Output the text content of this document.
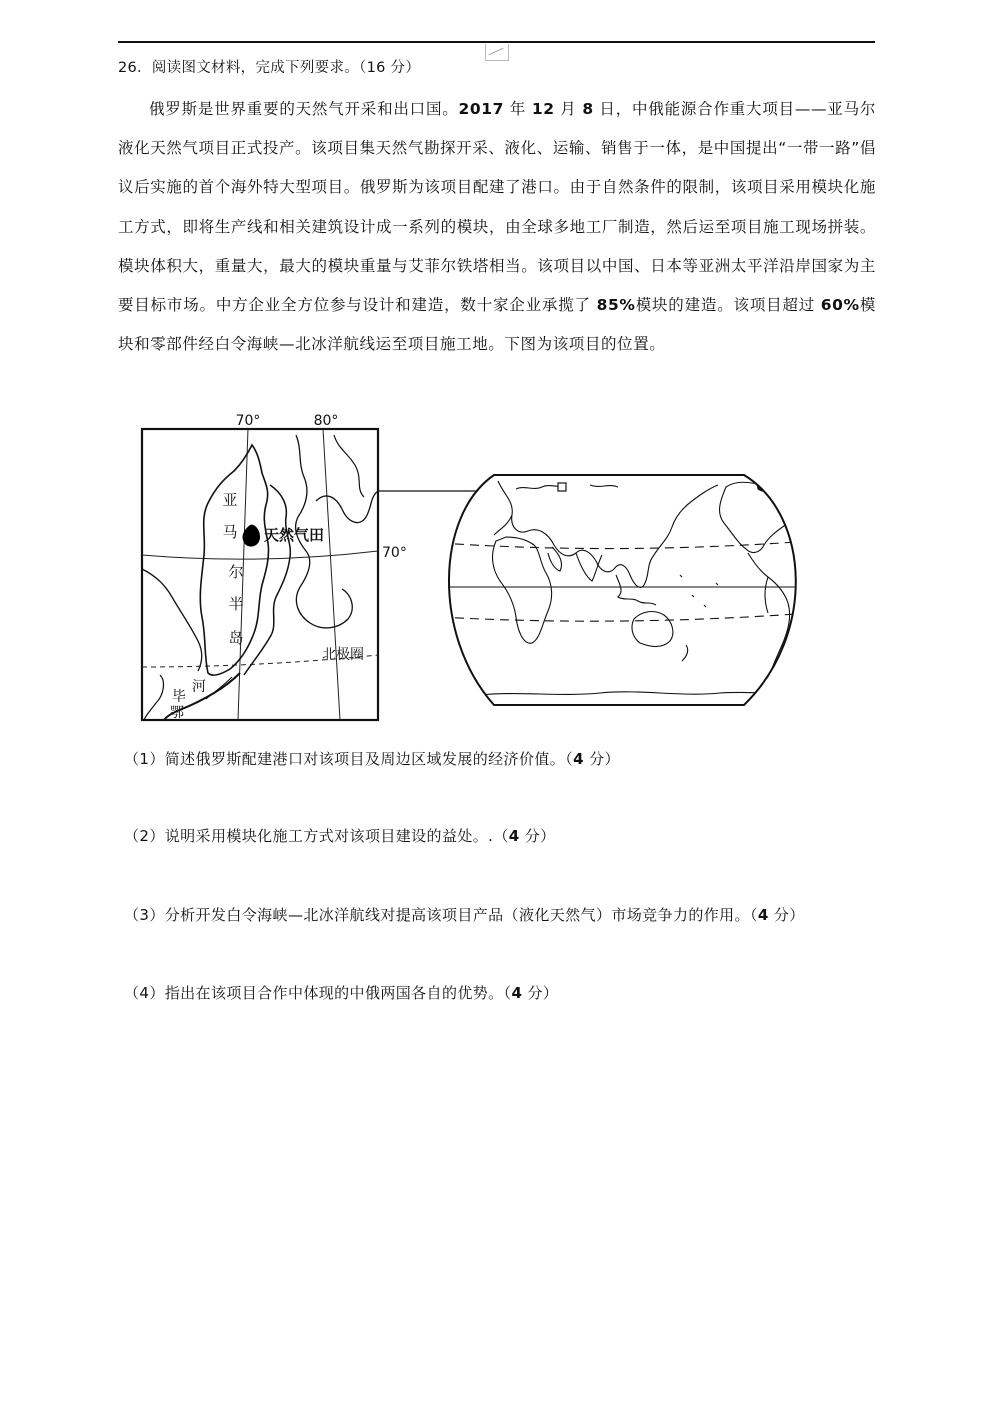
26．阅读图文材料，完成下列要求。（16 分）
俄罗斯是世界重要的天然气开采和出口国。2017 年 12 月 8 日，中俄能源合作重大项目——亚马尔液化天然气项目正式投产。该项目集天然气勘探开采、液化、运输、销售于一体，是中国提出“一带一路”倡议后实施的首个海外特大型项目。俄罗斯为该项目配建了港口。由于自然条件的限制，该项目采用模块化施工方式，即将生产线和相关建筑设计成一系列的模块，由全球多地工厂制造，然后运至项目施工现场拼装。模块体积大，重量大，最大的模块重量与艾菲尔铁塔相当。该项目以中国、日本等亚洲太平洋沿岸国家为主要目标市场。中方企业全方位参与设计和建造，数十家企业承揽了 85%模块的建造。该项目超过 60%模块和零部件经白令海峡—北冰洋航线运至项目施工地。下图为该项目的位置。
70°	80°
70°
亚
马
尔
半
岛
天然气田
北极圈
鄂
毕
河
（1）简述俄罗斯配建港口对该项目及周边区域发展的经济价值。（4 分）
（2）说明采用模块化施工方式对该项目建设的益处。.（4 分）
（3）分析开发白令海峡—北冰洋航线对提高该项目产品（液化天然气）市场竞争力的作用。（4 分）
（4）指出在该项目合作中体现的中俄两国各自的优势。（4 分）
